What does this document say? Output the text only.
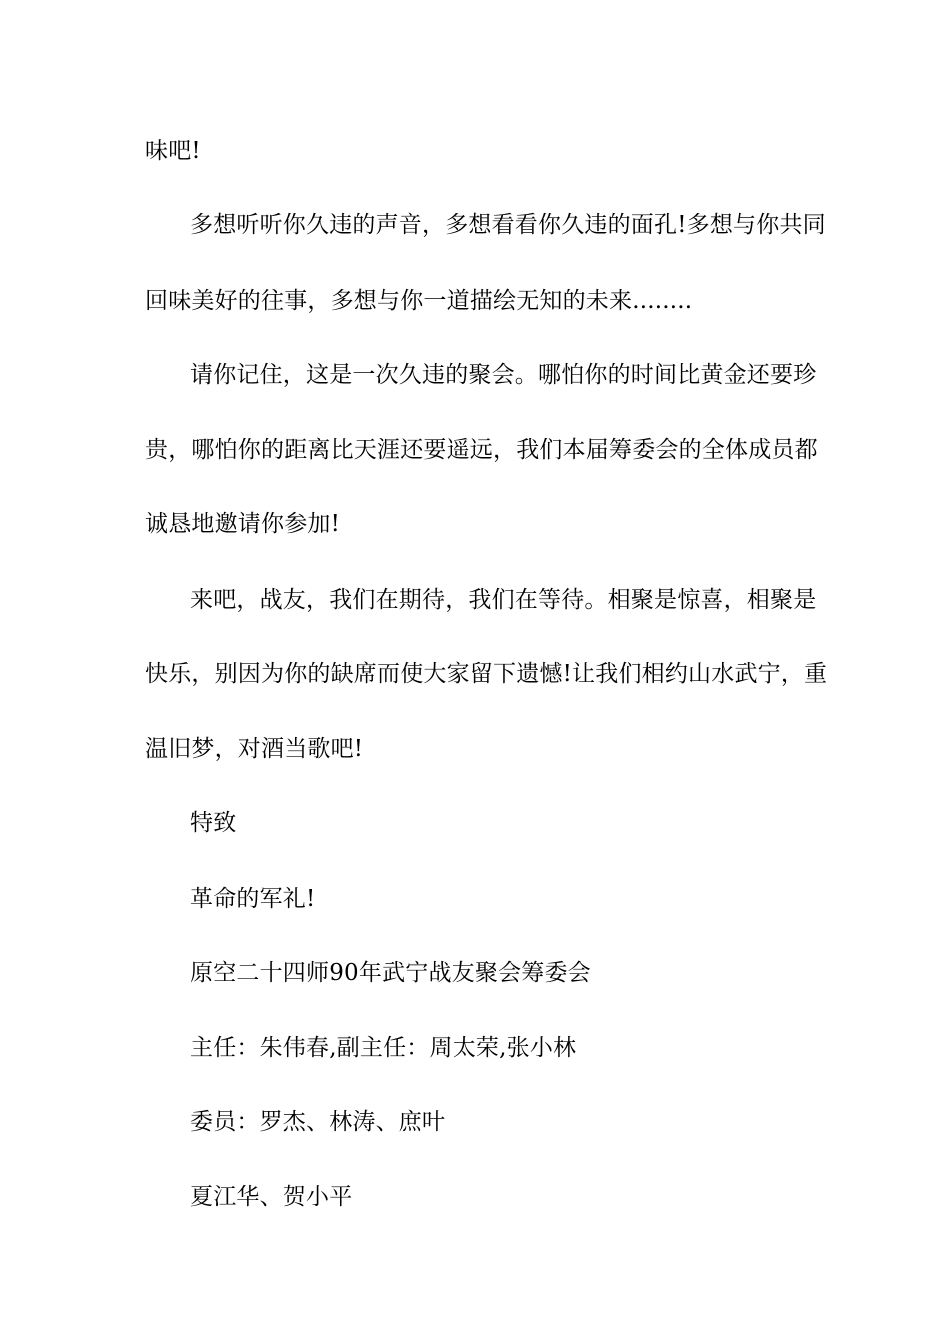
味吧!
多想听听你久违的声音，多想看看你久违的面孔!多想与你共同
回味美好的往事，多想与你一道描绘无知的未来........
请你记住，这是一次久违的聚会。哪怕你的时间比黄金还要珍
贵，哪怕你的距离比天涯还要遥远，我们本届筹委会的全体成员都
诚恳地邀请你参加!
来吧，战友，我们在期待，我们在等待。相聚是惊喜，相聚是
快乐，别因为你的缺席而使大家留下遗憾!让我们相约山水武宁，重
温旧梦，对酒当歌吧!
特致
革命的军礼!
原空二十四师90年武宁战友聚会筹委会
主任：朱伟春,副主任：周太荣,张小林
委员：罗杰、林涛、庶叶
夏江华、贺小平
